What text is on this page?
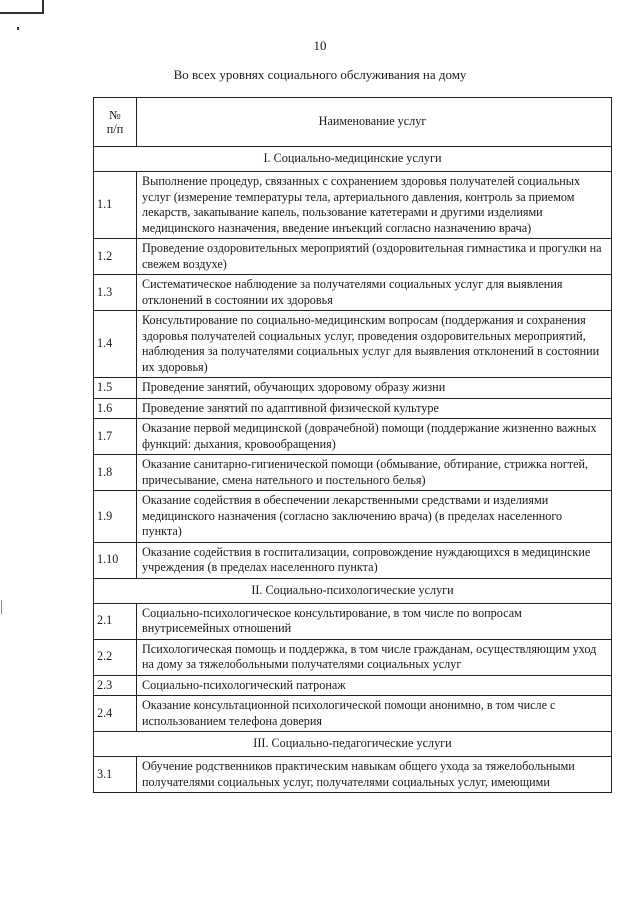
10
Во всех уровнях социального обслуживания на дому
№
п/п	Наименование услуг
I. Социально-медицинские услуги	
1.1	Выполнение процедур, связанных с сохранением здоровья получателей социальных услуг (измерение температуры тела, артериального давления, контроль за приемом лекарств, закапывание капель, пользование катетерами и другими изделиями медицинского назначения, введение инъекций согласно назначению врача)
1.2	Проведение оздоровительных мероприятий (оздоровительная гимнастика и прогулки на свежем воздухе)
1.3	Систематическое наблюдение за получателями социальных услуг для выявления отклонений в состоянии их здоровья
1.4	Консультирование по социально-медицинским вопросам (поддержания и сохранения здоровья получателей социальных услуг, проведения оздоровительных мероприятий, наблюдения за получателями социальных услуг для выявления отклонений в состоянии их здоровья)
1.5	Проведение занятий, обучающих здоровому образу жизни
1.6	Проведение занятий по адаптивной физической культуре
1.7	Оказание первой медицинской (доврачебной) помощи (поддержание жизненно важных функций: дыхания, кровообращения)
1.8	Оказание санитарно-гигиенической помощи (обмывание, обтирание, стрижка ногтей, причесывание, смена нательного и постельного белья)
1.9	Оказание содействия в обеспечении лекарственными средствами и изделиями медицинского назначения (согласно заключению врача) (в пределах населенного пункта)
1.10	Оказание содействия в госпитализации, сопровождение нуждающихся в медицинские учреждения (в пределах населенного пункта)
II. Социально-психологические услуги	
2.1	Социально-психологическое консультирование, в том числе по вопросам внутрисемейных отношений
2.2	Психологическая помощь и поддержка, в том числе гражданам, осуществляющим уход на дому за тяжелобольными получателями социальных услуг
2.3	Социально-психологический патронаж
2.4	Оказание консультационной психологической помощи анонимно, в том числе с использованием телефона доверия
III. Социально-педагогические услуги	
3.1	Обучение родственников практическим навыкам общего ухода за тяжелобольными получателями социальных услуг, получателями социальных услуг, имеющими
